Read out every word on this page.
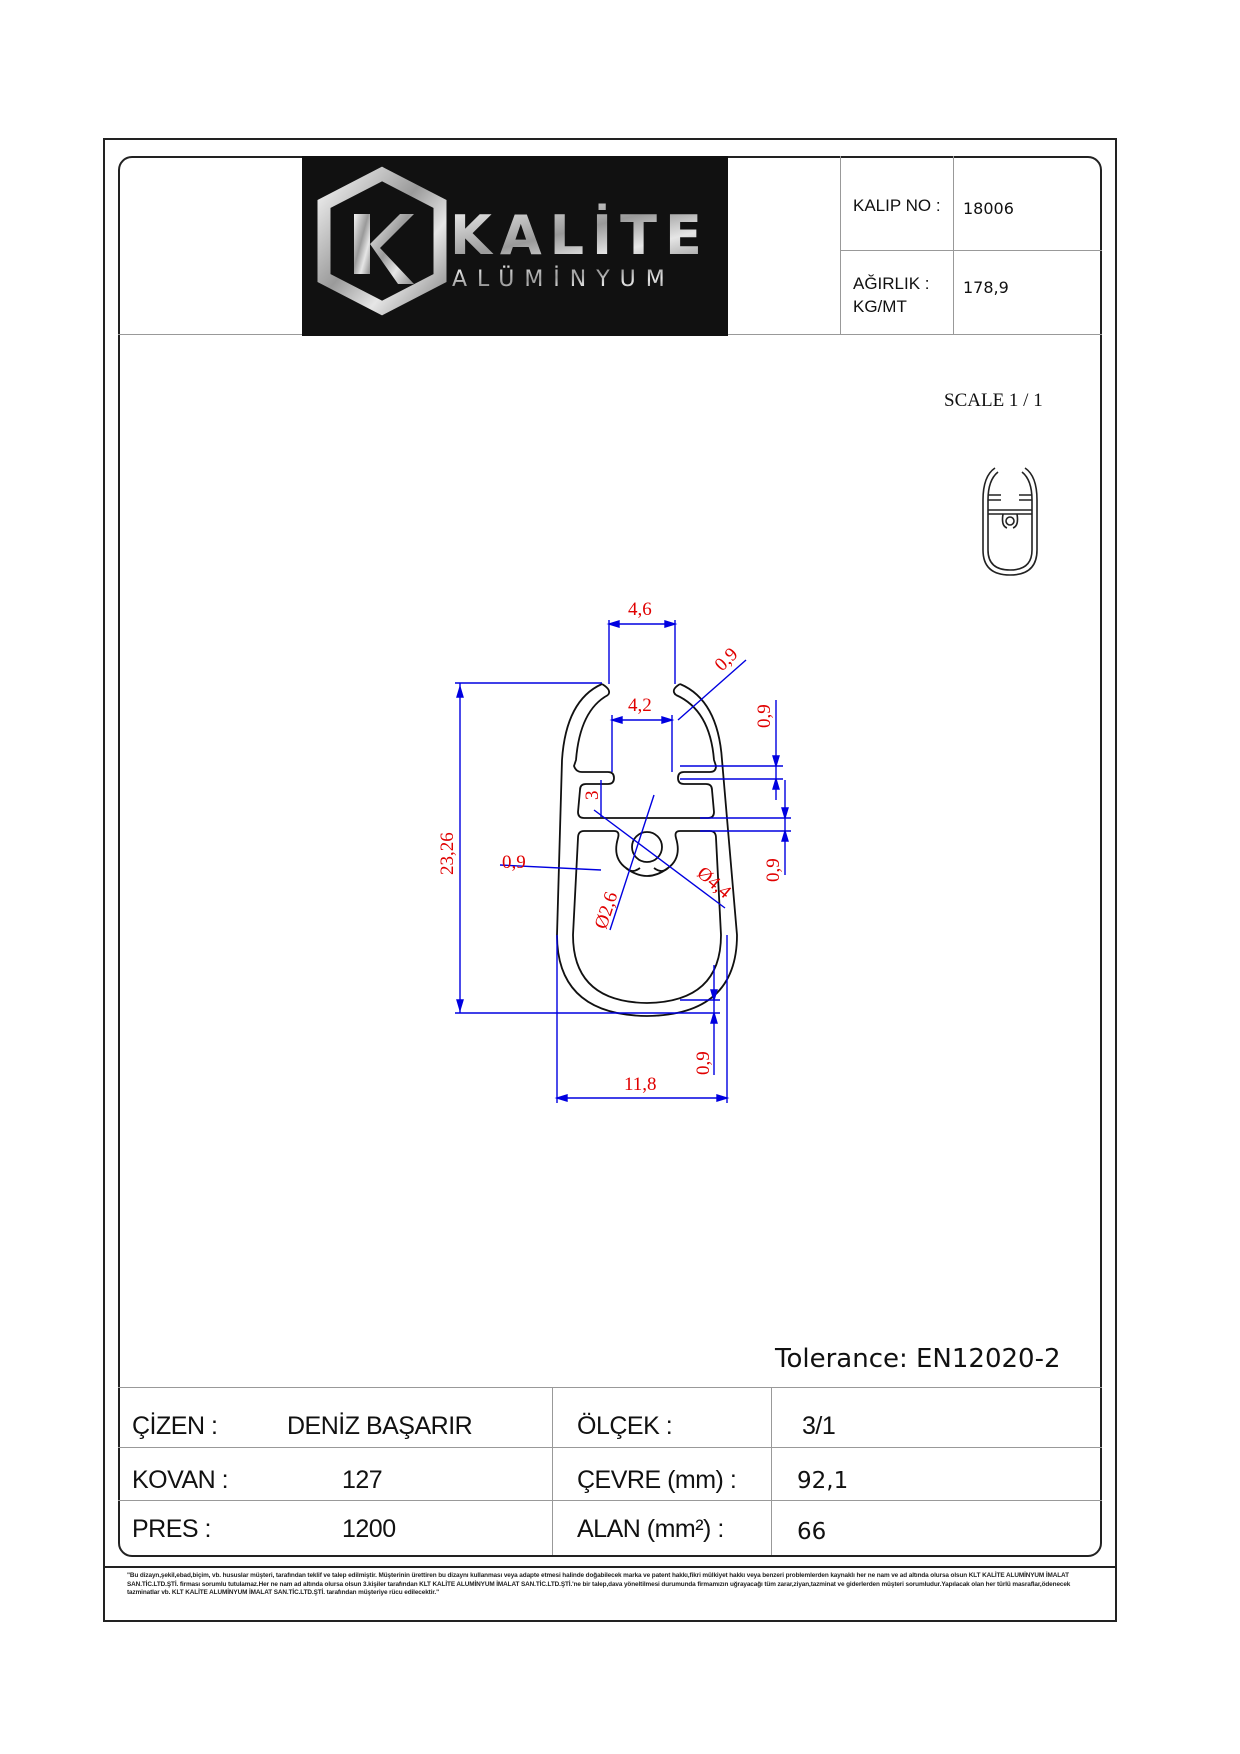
KALİTE
ALÜMİNYUM
KALIP NO : 18006
AĞIRLIK :
KG/MT
178,9
SCALE 1 / 1
4,6
4,2
0,9
0,9
3
23,26 0,9	0,9
Ø2,6
Ø4,4
0,9
11,8
Tolerance: EN12020-2
ÇİZEN :	DENİZ BAŞARIR	ÖLÇEK :	3/1
KOVAN :	127	ÇEVRE (mm) :	92,1
PRES :	1200	ALAN (mm²) :	66
"Bu dizayn,şekil,ebad,biçim, vb. hususlar müşteri, tarafından teklif ve talep edilmiştir. Müşterinin ürettiren bu dizaynı kullanması veya adapte etmesi halinde doğabilecek marka ve patent hakkı,fikri mülkiyet hakkı veya benzeri problemlerden kaynaklı her ne nam ve ad altında olursa olsun KLT KALİTE ALUMİNYUM İMALAT SAN.TİC.LTD.ŞTİ. firması sorumlu tutulamaz.Her ne nam ad altında olursa olsun 3.kişiler tarafından KLT KALİTE ALUMİNYUM İMALAT SAN.TİC.LTD.ŞTİ.'ne bir talep,dava yöneltilmesi durumunda firmamızın uğrayacağı tüm zarar,ziyan,tazminat ve giderlerden müşteri sorumludur.Yapılacak olan her türlü masraflar,ödenecek tazminatlar vb. KLT KALİTE ALUMİNYUM İMALAT SAN.TİC.LTD.ŞTİ. tarafından müşteriye rücu edilecektir."
